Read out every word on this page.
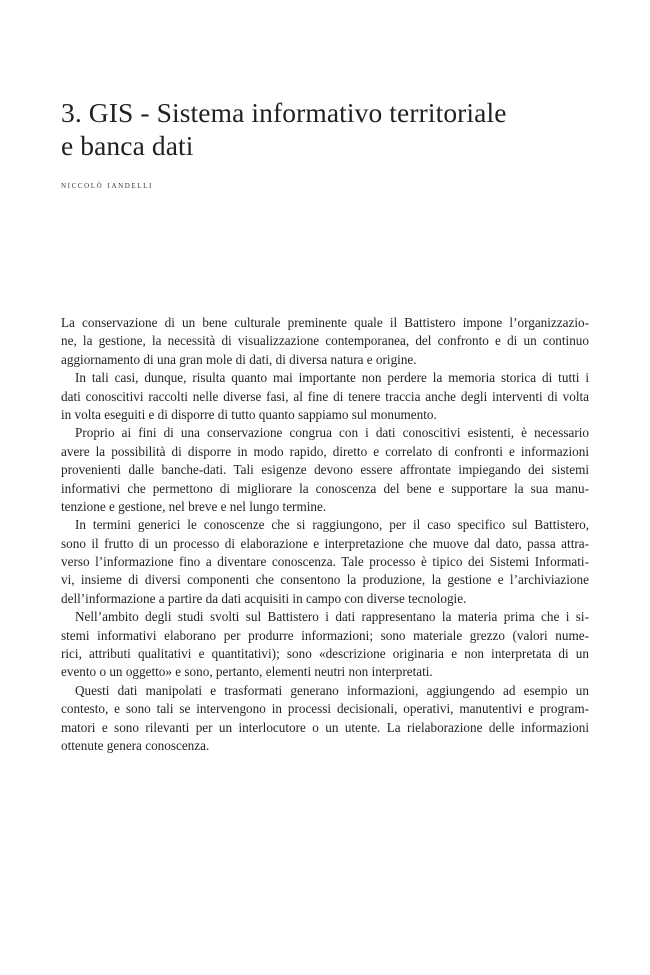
3. GIS - Sistema informativo territoriale
e banca dati

niccolò iandelli

La conservazione di un bene culturale preminente quale il Battistero impone l’organizzazio-
ne, la gestione, la necessità di visualizzazione contemporanea, del confronto e di un continuo
aggiornamento di una gran mole di dati, di diversa natura e origine.
In tali casi, dunque, risulta quanto mai importante non perdere la memoria storica di tutti i
dati conoscitivi raccolti nelle diverse fasi, al fine di tenere traccia anche degli interventi di volta
in volta eseguiti e di disporre di tutto quanto sappiamo sul monumento.
Proprio ai fini di una conservazione congrua con i dati conoscitivi esistenti, è necessario
avere la possibilità di disporre in modo rapido, diretto e correlato di confronti e informazioni
provenienti dalle banche-dati. Tali esigenze devono essere affrontate impiegando dei sistemi
informativi che permettono di migliorare la conoscenza del bene e supportare la sua manu-
tenzione e gestione, nel breve e nel lungo termine.
In termini generici le conoscenze che si raggiungono, per il caso specifico sul Battistero,
sono il frutto di un processo di elaborazione e interpretazione che muove dal dato, passa attra-
verso l’informazione fino a diventare conoscenza. Tale processo è tipico dei Sistemi Informati-
vi, insieme di diversi componenti che consentono la produzione, la gestione e l’archiviazione
dell’informazione a partire da dati acquisiti in campo con diverse tecnologie.
Nell’ambito degli studi svolti sul Battistero i dati rappresentano la materia prima che i si-
stemi informativi elaborano per produrre informazioni; sono materiale grezzo (valori nume-
rici, attributi qualitativi e quantitativi); sono «descrizione originaria e non interpretata di un
evento o un oggetto» e sono, pertanto, elementi neutri non interpretati.
Questi dati manipolati e trasformati generano informazioni, aggiungendo ad esempio un
contesto, e sono tali se intervengono in processi decisionali, operativi, manutentivi e program-
matori e sono rilevanti per un interlocutore o un utente. La rielaborazione delle informazioni
ottenute genera conoscenza.
